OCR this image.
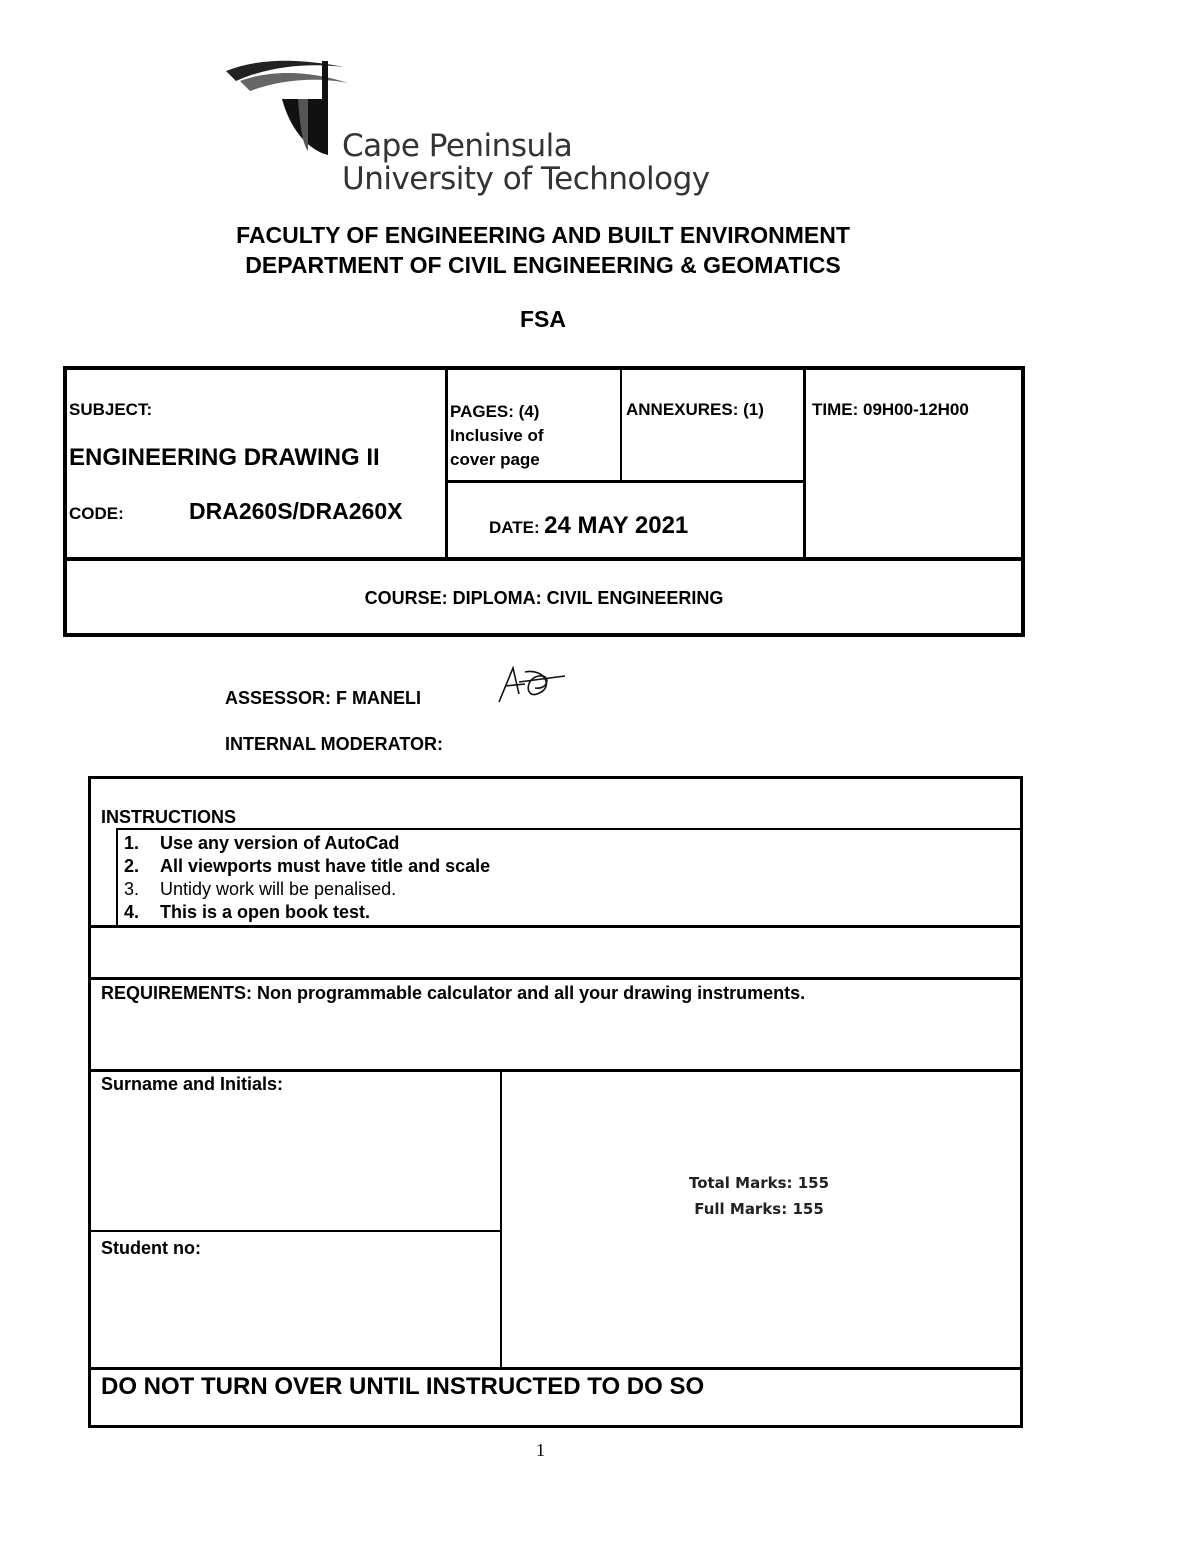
Cape Peninsula
University of Technology
FACULTY OF ENGINEERING AND BUILT ENVIRONMENT
DEPARTMENT OF CIVIL ENGINEERING & GEOMATICS
FSA
SUBJECT:
ENGINEERING DRAWING II
CODE:	DRA260S/DRA260X
PAGES: (4)
Inclusive of
cover page
ANNEXURES: (1)	TIME: 09H00-12H00
DATE: 24 MAY 2021
COURSE: DIPLOMA: CIVIL ENGINEERING
ASSESSOR: F MANELI
INTERNAL MODERATOR:
INSTRUCTIONS
REQUIREMENTS: Non programmable calculator and all your drawing instruments.
Surname and Initials:
Student no:
DO NOT TURN OVER UNTIL INSTRUCTED TO DO SO
1. Use any version of AutoCad
2. All viewports must have title and scale
3. Untidy work will be penalised.
4. This is a open book test.
Total Marks: 155
Full Marks: 155
1
